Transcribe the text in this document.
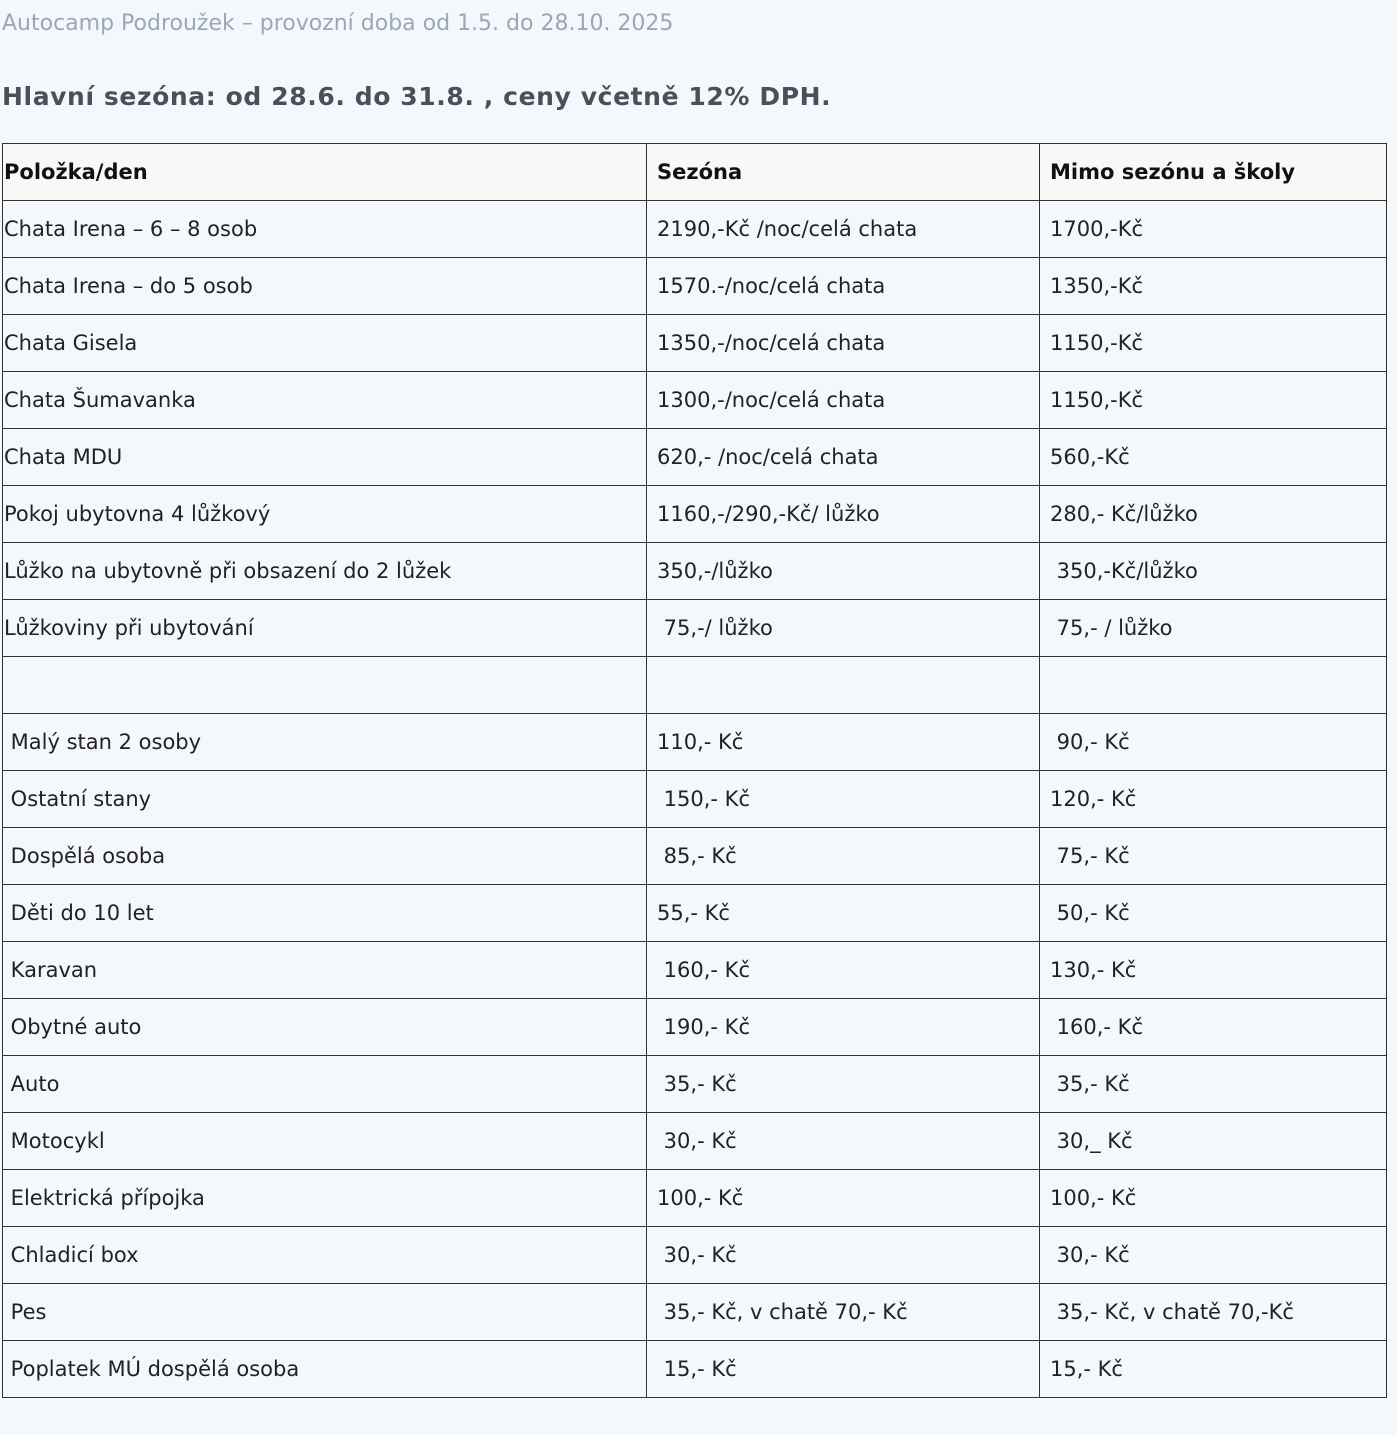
Autocamp Podroužek – provozní doba od 1.5. do 28.10. 2025
Hlavní sezóna: od 28.6. do 31.8. , ceny včetně 12% DPH.
Položka/den	Sezóna	Mimo sezónu a školy
Chata Irena – 6 – 8 osob	2190,-Kč /noc/celá chata	1700,-Kč
Chata Irena – do 5 osob	1570.-/noc/celá chata	1350,-Kč
Chata Gisela	1350,-/noc/celá chata	1150,-Kč
Chata Šumavanka	1300,-/noc/celá chata	1150,-Kč
Chata MDU	620,- /noc/celá chata	560,-Kč
Pokoj ubytovna 4 lůžkový	1160,-/290,-Kč/ lůžko	280,- Kč/lůžko
Lůžko na ubytovně při obsazení do 2 lůžek	350,-/lůžko	350,-Kč/lůžko
Lůžkoviny při ubytování	75,-/ lůžko	75,- / lůžko

Malý stan 2 osoby	110,- Kč	90,- Kč
Ostatní stany	150,- Kč	120,- Kč
Dospělá osoba	85,- Kč	75,- Kč
Děti do 10 let	55,- Kč	50,- Kč
Karavan	160,- Kč	130,- Kč
Obytné auto	190,- Kč	160,- Kč
Auto	35,- Kč	35,- Kč
Motocykl	30,- Kč	30,_ Kč
Elektrická přípojka	100,- Kč	100,- Kč
Chladicí box	30,- Kč	30,- Kč
Pes	35,- Kč, v chatě 70,- Kč	35,- Kč, v chatě 70,-Kč
Poplatek MÚ dospělá osoba	15,- Kč	15,- Kč
